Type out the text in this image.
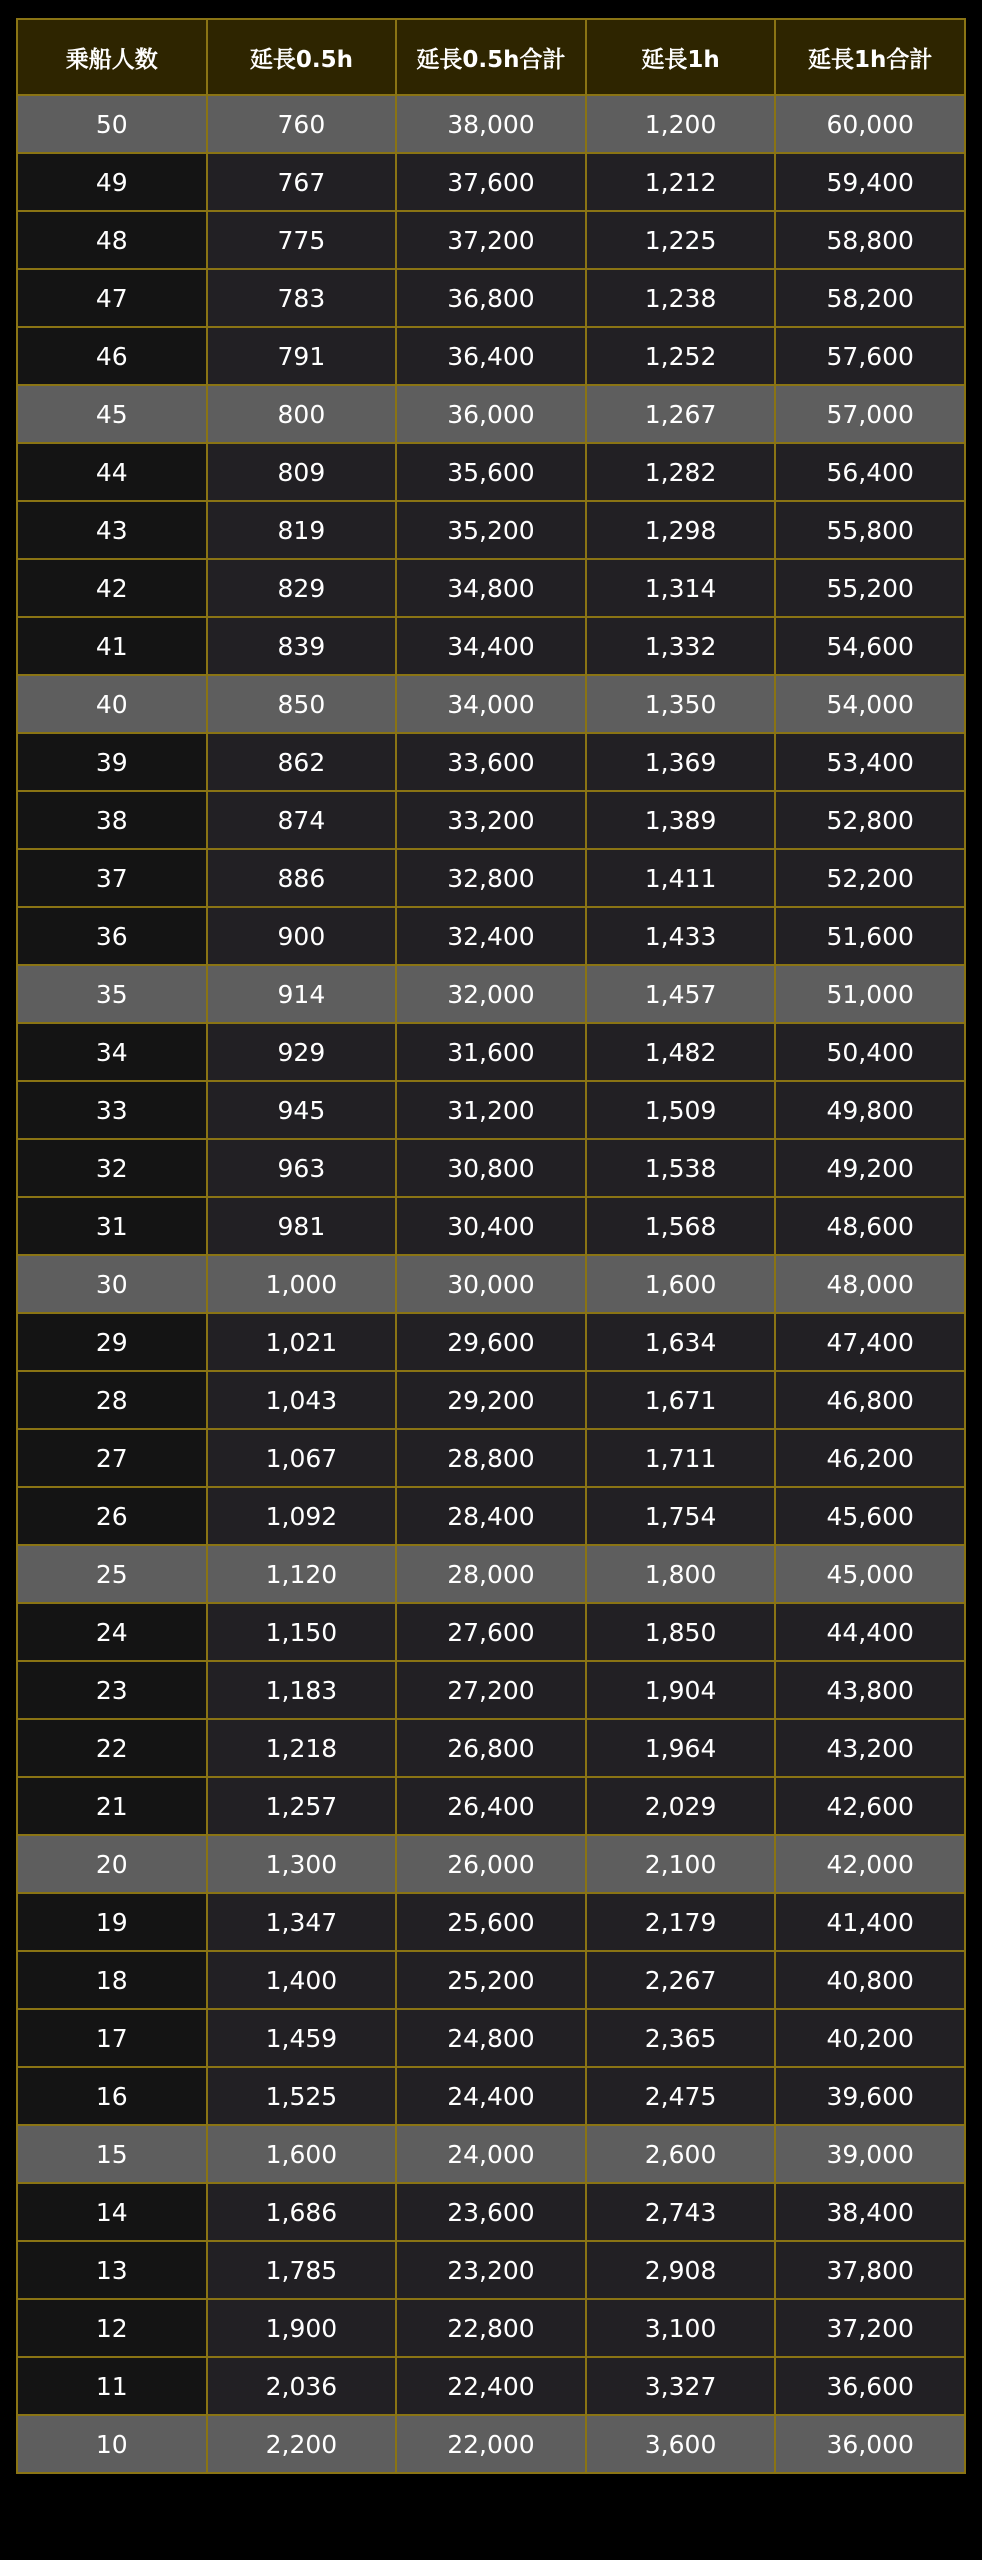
乗船人数	延長0.5h	延長0.5h合計	延長1h	延長1h合計
50	760	38,000	1,200	60,000
49	767	37,600	1,212	59,400
48	775	37,200	1,225	58,800
47	783	36,800	1,238	58,200
46	791	36,400	1,252	57,600
45	800	36,000	1,267	57,000
44	809	35,600	1,282	56,400
43	819	35,200	1,298	55,800
42	829	34,800	1,314	55,200
41	839	34,400	1,332	54,600
40	850	34,000	1,350	54,000
39	862	33,600	1,369	53,400
38	874	33,200	1,389	52,800
37	886	32,800	1,411	52,200
36	900	32,400	1,433	51,600
35	914	32,000	1,457	51,000
34	929	31,600	1,482	50,400
33	945	31,200	1,509	49,800
32	963	30,800	1,538	49,200
31	981	30,400	1,568	48,600
30	1,000	30,000	1,600	48,000
29	1,021	29,600	1,634	47,400
28	1,043	29,200	1,671	46,800
27	1,067	28,800	1,711	46,200
26	1,092	28,400	1,754	45,600
25	1,120	28,000	1,800	45,000
24	1,150	27,600	1,850	44,400
23	1,183	27,200	1,904	43,800
22	1,218	26,800	1,964	43,200
21	1,257	26,400	2,029	42,600
20	1,300	26,000	2,100	42,000
19	1,347	25,600	2,179	41,400
18	1,400	25,200	2,267	40,800
17	1,459	24,800	2,365	40,200
16	1,525	24,400	2,475	39,600
15	1,600	24,000	2,600	39,000
14	1,686	23,600	2,743	38,400
13	1,785	23,200	2,908	37,800
12	1,900	22,800	3,100	37,200
11	2,036	22,400	3,327	36,600
10	2,200	22,000	3,600	36,000
